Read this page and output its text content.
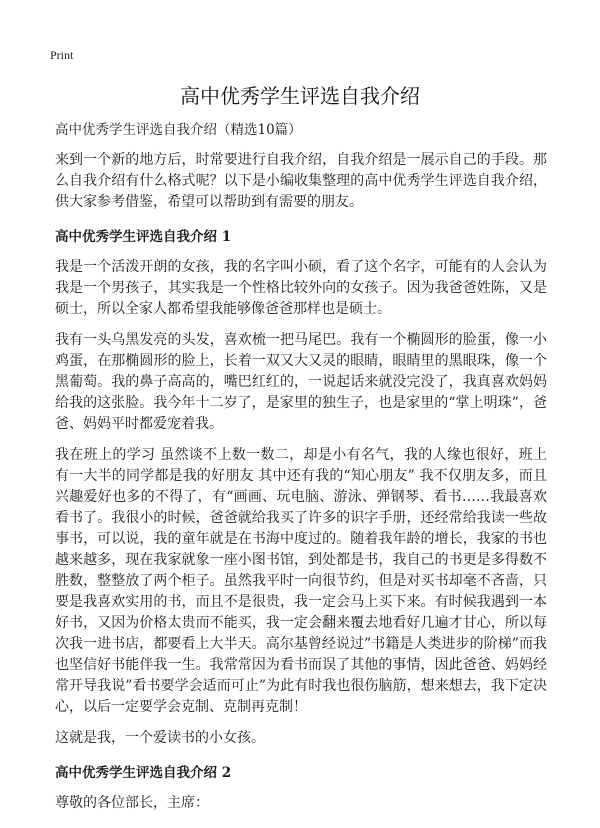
Print
高中优秀学生评选自我介绍

高中优秀学生评选自我介绍（精选10篇）

来到一个新的地方后，时常要进行自我介绍，自我介绍是一展示自己的手段。那么自我介绍有什么格式呢？以下是小编收集整理的高中优秀学生评选自我介绍，供大家参考借鉴，希望可以帮助到有需要的朋友。

高中优秀学生评选自我介绍 1

我是一个活泼开朗的女孩，我的名字叫小硕，看了这个名字，可能有的人会认为我是一个男孩子，其实我是一个性格比较外向的女孩子。因为我爸爸姓陈，又是硕士，所以全家人都希望我能够像爸爸那样也是硕士。

我有一头乌黑发亮的头发，喜欢梳一把马尾巴。我有一个椭圆形的脸蛋，像一小鸡蛋，在那椭圆形的脸上，长着一双又大又灵的眼睛，眼睛里的黑眼珠，像一个黑葡萄。我的鼻子高高的，嘴巴红红的，一说起话来就没完没了，我真喜欢妈妈给我的这张脸。我今年十二岁了，是家里的独生子，也是家里的“掌上明珠”，爸爸、妈妈平时都爱宠着我。

我在班上的学习 虽然谈不上数一数二，却是小有名气，我的人缘也很好，班上有一大半的同学都是我的好朋友 其中还有我的“知心朋友” 我不仅朋友多，而且兴趣爱好也多的不得了，有“画画、玩电脑、游泳、弹钢琴、看书……我最喜欢看书了。我很小的时候，爸爸就给我买了许多的识字手册，还经常给我读一些故事书，可以说，我的童年就是在书海中度过的。随着我年龄的增长，我家的书也越来越多，现在我家就象一座小图书馆，到处都是书，我自己的书更是多得数不胜数，整整放了两个柜子。虽然我平时一向很节约，但是对买书却毫不吝啬，只要是我喜欢实用的书，而且不是很贵，我一定会马上买下来。有时候我遇到一本好书，又因为价格太贵而不能买，我一定会翻来覆去地看好几遍才甘心，所以每次我一进书店，都要看上大半天。高尔基曾经说过”书籍是人类进步的阶梯”而我也坚信好书能伴我一生。我常常因为看书而误了其他的事情，因此爸爸、妈妈经常开导我说”看书要学会适而可止”为此有时我也很伤脑筋，想来想去，我下定决心，以后一定要学会克制、克制再克制！

这就是我，一个爱读书的小女孩。

高中优秀学生评选自我介绍 2

尊敬的各位部长，主席：
